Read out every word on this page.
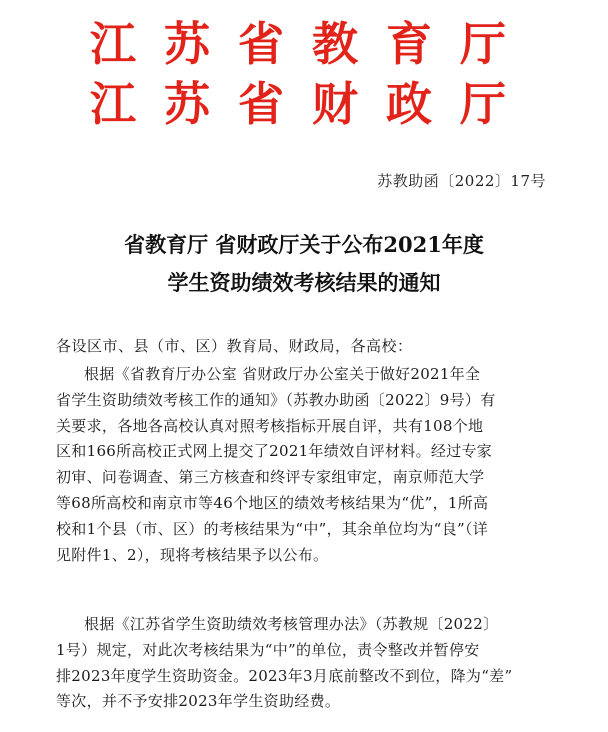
江苏省教育厅
江苏省财政厅
苏教助函〔2022〕17号
省教育厅 省财政厅关于公布2021年度
学生资助绩效考核结果的通知
各设区市、县（市、区）教育局、财政局，各高校：
根据《省教育厅办公室 省财政厅办公室关于做好2021年全
省学生资助绩效考核工作的通知》（苏教办助函〔2022〕9号）有
关要求，各地各高校认真对照考核指标开展自评，共有108个地
区和166所高校正式网上提交了2021年绩效自评材料。经过专家
初审、问卷调查、第三方核查和终评专家组审定，南京师范大学
等68所高校和南京市等46个地区的绩效考核结果为“优”，1所高
校和1个县（市、区）的考核结果为“中”，其余单位均为“良”（详
见附件1、2），现将考核结果予以公布。
根据《江苏省学生资助绩效考核管理办法》（苏教规〔2022〕
1号）规定，对此次考核结果为“中”的单位，责令整改并暂停安
排2023年度学生资助资金。2023年3月底前整改不到位，降为“差”
等次，并不予安排2023年学生资助经费。
